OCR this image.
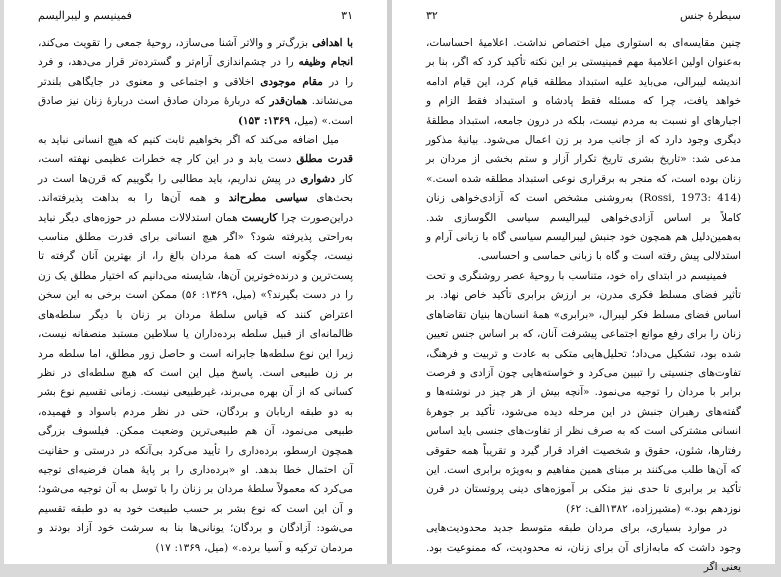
۳۱
فمینیسم و لیبرالیسم

با اهدافی بزرگ‌تر و والاتر آشنا می‌سازد، روحیهٔ جمعی را تقویت می‌کند، انجام وظیفه را در چشم‌اندازی آرام‌تر و گسترده‌تر قرار می‌دهد، و فرد را در مقام موجودی اخلاقی و اجتماعی و معنوی در جایگاهی بلندتر می‌نشاند. همان‌قدر که دربارهٔ مردان صادق است دربارهٔ زنان نیز صادق است.» (میل، ۱۳۶۹: ۱۵۳)

میل اضافه می‌کند که اگر بخواهیم ثابت کنیم که هیچ انسانی نباید به قدرت مطلق دست یابد و در این کار چه خطرات عظیمی نهفته است، کار دشواری در پیش نداریم، باید مطالبی را بگوییم که قرن‌ها است در بحث‌های سیاسی مطرح‌اند و همه آن‌ها را به بداهت پذیرفته‌اند. دراین‌صورت چرا کاربست همان استدلالات مسلم در حوزه‌های دیگر نباید به‌راحتی پذیرفته شود؟ «اگر هیچ انسانی برای قدرت مطلق مناسب نیست، چگونه است که همهٔ مردان بالغ را، از بهترین آنان گرفته تا پست‌ترین و درنده‌خوترین آن‌ها، شایسته می‌دانیم که اختیار مطلق یک زن را در دست بگیرند؟» (میل، ۱۳۶۹: ۵۶) ممکن است برخی به این سخن اعتراض کنند که قیاس سلطهٔ مردان بر زنان با دیگر سلطه‌های ظالمانه‌ای از قبیل سلطه برده‌داران یا سلاطین مستبد منصفانه نیست، زیرا این نوع سلطه‌ها جابرانه است و حاصل زور مطلق، اما سلطه مرد بر زن طبیعی است. پاسخ میل این است که هیچ سلطه‌ای در نظر کسانی که از آن بهره می‌برند، غیرطبیعی نیست. زمانی تقسیم نوع بشر به دو طبقه اربابان و بردگان، حتی در نظر مردم باسواد و فهمیده، طبیعی می‌نمود، آن هم طبیعی‌ترین وضعیت ممکن. فیلسوف بزرگی همچون ارسطو، برده‌داری را تأیید می‌کرد بی‌آنکه در درستی و حقانیت آن احتمال خطا بدهد. او «برده‌داری را بر پایهٔ همان فرضیه‌ای توجیه می‌کرد که معمولاً سلطهٔ مردان بر زنان را با توسل به آن توجیه می‌شود؛ و آن این است که نوع بشر بر حسب طبیعت خود به دو طبقه تقسیم می‌شود: آزادگان و بردگان؛ یونانی‌ها بنا به سرشت خود آزاد بودند و مردمان ترکیه و آسیا برده.» (میل، ۱۳۶۹: ۱۷)

سیطرهٔ جنس
۳۲

چنین مقایسه‌ای به استواری میل اختصاص نداشت. اعلامیهٔ احساسات، به‌عنوان اولین اعلامیهٔ مهم فمینیستی بر این نکته تأکید کرد که اگر، بنا بر اندیشه لیبرالی، می‌باید علیه استبداد مطلقه قیام کرد، این قیام ادامه خواهد یافت، چرا که مسئله فقط پادشاه و استبداد فقط الزام و اجبارهای او نسبت به مردم نیست، بلکه در درون جامعه، استبداد مطلقهٔ دیگری وجود دارد که از جانب مرد بر زن اعمال می‌شود. بیانیهٔ مذکور مدعی شد: «تاریخ بشری تاریخ تکرار آزار و ستم بخشی از مردان بر زنان بوده است، که منجر به برقراری نوعی استبداد مطلقه شده است.» (Rossi, 1973: 414) به‌روشنی مشخص است که آزادی‌خواهی زنان کاملاً بر اساس آزادی‌خواهی لیبرالیسم سیاسی الگوسازی شد. به‌همین‌دلیل هم همچون خود جنبش لیبرالیسم سیاسی گاه با زبانی آرام و استدلالی پیش رفته است و گاه با زبانی حماسی و احساسی.

فمینیسم در ابتدای راه خود، متناسب با روحیهٔ عصر روشنگری و تحت تأثیر فضای مسلط فکری مدرن، بر ارزش برابری تأکید خاص نهاد. بر اساس فضای مسلط فکر لیبرال، «برابری» همهٔ انسان‌ها بنیان تقاضاهای زنان را برای رفع موانع اجتماعی پیشرفت آنان، که بر اساس جنس تعیین شده بود، تشکیل می‌داد؛ تحلیل‌هایی متکی به عادت و تربیت و فرهنگ، تفاوت‌های جنسیتی را تبیین می‌کرد و خواسته‌هایی چون آزادی و فرصت برابر با مردان را توجیه می‌نمود. «آنچه بیش از هر چیز در نوشته‌ها و گفته‌های رهبران جنبش در این مرحله دیده می‌شود، تأکید بر جوهرهٔ انسانی مشترکی است که به صرف نظر از تفاوت‌های جنسی باید اساس رفتارها، شئون، حقوق و شخصیت افراد قرار گیرد و تقریباً همه حقوقی که آن‌ها طلب می‌کنند بر مبنای همین مفاهیم و به‌ویژه برابری است. این تأکید بر برابری تا حدی نیز متکی بر آموزه‌های دینی پروتستان در قرن نوزدهم بود.» (مشیرزاده، ۱۳۸۲الف: ۶۲)

در موارد بسیاری، برای مردان طبقه متوسط جدید محدودیت‌هایی وجود داشت که مابه‌ازای آن برای زنان، نه محدودیت، که ممنوعیت بود. یعنی اگر
